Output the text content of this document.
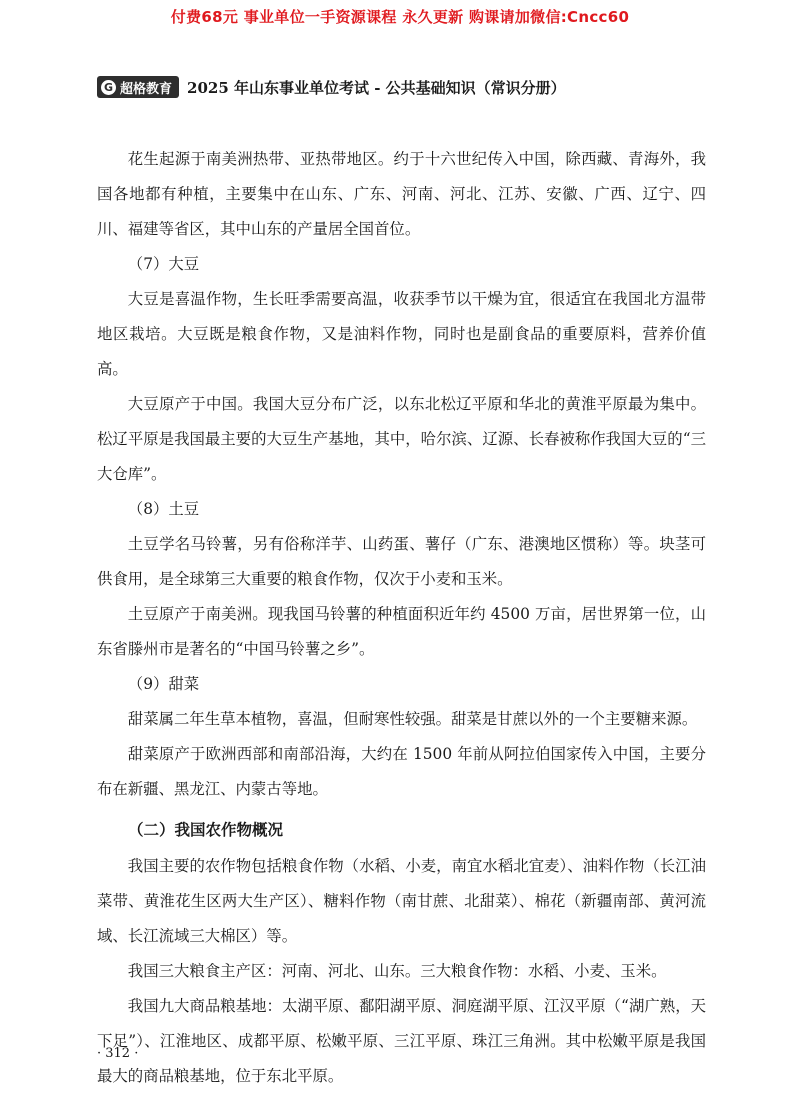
付费68元 事业单位一手资源课程 永久更新 购课请加微信:Cncc60
G 超格教育 2025 年山东事业单位考试 - 公共基础知识（常识分册）

花生起源于南美洲热带、亚热带地区。约于十六世纪传入中国，除西藏、青海外，我国各地都有种植，主要集中在山东、广东、河南、河北、江苏、安徽、广西、辽宁、四川、福建等省区，其中山东的产量居全国首位。

（7）大豆

大豆是喜温作物，生长旺季需要高温，收获季节以干燥为宜，很适宜在我国北方温带地区栽培。大豆既是粮食作物，又是油料作物，同时也是副食品的重要原料，营养价值高。

大豆原产于中国。我国大豆分布广泛，以东北松辽平原和华北的黄淮平原最为集中。松辽平原是我国最主要的大豆生产基地，其中，哈尔滨、辽源、长春被称作我国大豆的“三大仓库”。

（8）土豆

土豆学名马铃薯，另有俗称洋芋、山药蛋、薯仔（广东、港澳地区惯称）等。块茎可供食用，是全球第三大重要的粮食作物，仅次于小麦和玉米。

土豆原产于南美洲。现我国马铃薯的种植面积近年约 4500 万亩，居世界第一位，山东省滕州市是著名的“中国马铃薯之乡”。

（9）甜菜

甜菜属二年生草本植物，喜温，但耐寒性较强。甜菜是甘蔗以外的一个主要糖来源。

甜菜原产于欧洲西部和南部沿海，大约在 1500 年前从阿拉伯国家传入中国，主要分布在新疆、黑龙江、内蒙古等地。

（二）我国农作物概况

我国主要的农作物包括粮食作物（水稻、小麦，南宜水稻北宜麦）、油料作物（长江油菜带、黄淮花生区两大生产区）、糖料作物（南甘蔗、北甜菜）、棉花（新疆南部、黄河流域、长江流域三大棉区）等。

我国三大粮食主产区：河南、河北、山东。三大粮食作物：水稻、小麦、玉米。

我国九大商品粮基地：太湖平原、鄱阳湖平原、洞庭湖平原、江汉平原（“湖广熟，天下足”）、江淮地区、成都平原、松嫩平原、三江平原、珠江三角洲。其中松嫩平原是我国最大的商品粮基地，位于东北平原。

· 312 ·
